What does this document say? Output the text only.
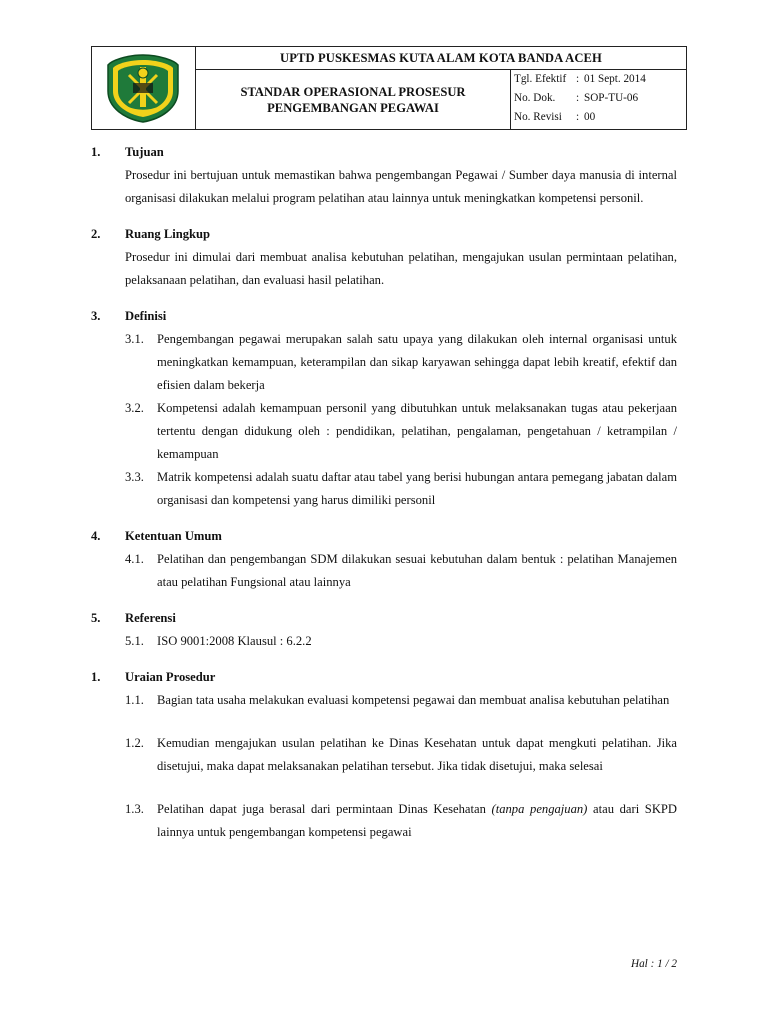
UPTD PUSKESMAS KUTA ALAM KOTA BANDA ACEH
STANDAR OPERASIONAL PROSESUR
PENGEMBANGAN PEGAWAI
Tgl. Efektif : 01 Sept. 2014
No. Dok.	: SOP-TU-06
No. Revisi	: 00
1.	Tujuan
Prosedur ini bertujuan untuk memastikan bahwa pengembangan Pegawai / Sumber daya manusia di internal organisasi dilakukan melalui program pelatihan atau lainnya untuk meningkatkan kompetensi personil.
2.	Ruang Lingkup
Prosedur ini dimulai dari membuat analisa kebutuhan pelatihan, mengajukan usulan permintaan pelatihan, pelaksanaan pelatihan, dan evaluasi hasil pelatihan.
3.	Definisi
3.1.	Pengembangan pegawai merupakan salah satu upaya yang dilakukan oleh internal organisasi untuk meningkatkan kemampuan, keterampilan dan sikap karyawan sehingga dapat lebih kreatif, efektif dan efisien dalam bekerja
3.2.	Kompetensi adalah kemampuan personil yang dibutuhkan untuk melaksanakan tugas atau pekerjaan tertentu dengan didukung oleh : pendidikan, pelatihan, pengalaman, pengetahuan / ketrampilan / kemampuan
3.3.	Matrik kompetensi adalah suatu daftar atau tabel yang berisi hubungan antara pemegang jabatan dalam organisasi dan kompetensi yang harus dimiliki personil
4.	Ketentuan Umum
4.1.	Pelatihan dan pengembangan SDM dilakukan sesuai kebutuhan dalam bentuk : pelatihan Manajemen atau pelatihan Fungsional atau lainnya
5.	Referensi
5.1.	ISO 9001:2008 Klausul : 6.2.2
1.	Uraian Prosedur
1.1.	Bagian tata usaha melakukan evaluasi kompetensi pegawai dan membuat analisa kebutuhan pelatihan
1.2.	Kemudian mengajukan usulan pelatihan ke Dinas Kesehatan untuk dapat mengkuti pelatihan. Jika disetujui, maka dapat melaksanakan pelatihan tersebut. Jika tidak disetujui, maka selesai
1.3.	Pelatihan dapat juga berasal dari permintaan Dinas Kesehatan (tanpa pengajuan) atau dari SKPD lainnya untuk pengembangan kompetensi pegawai
Hal : 1 / 2
